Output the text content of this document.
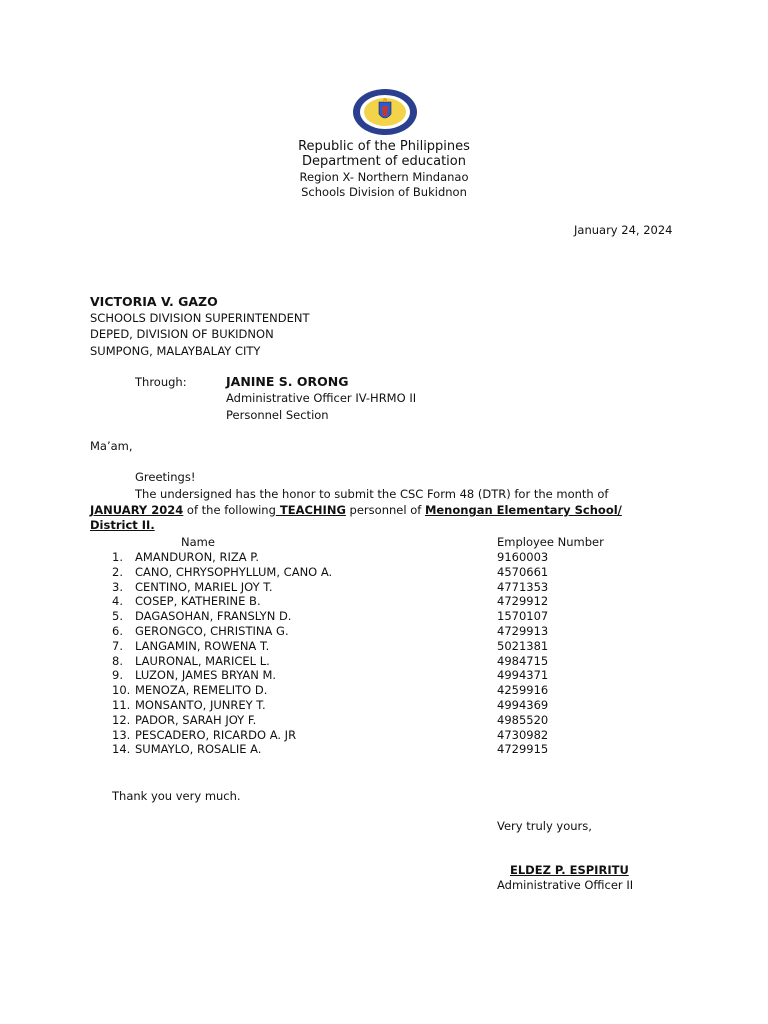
Republic of the Philippines
Department of education
Region X- Northern Mindanao
Schools Division of Bukidnon
January 24, 2024
VICTORIA V. GAZO
SCHOOLS DIVISION SUPERINTENDENT
DEPED, DIVISION OF BUKIDNON
SUMPONG, MALAYBALAY CITY
Through:	JANINE S. ORONG
Administrative Officer IV-HRMO II
Personnel Section
Ma’am,
Greetings!
The undersigned has the honor to submit the CSC Form 48 (DTR) for the month of
JANUARY 2024 of the following TEACHING personnel of Menongan Elementary School/
District II.
Name	Employee Number
1. AMANDURON, RIZA P.	9160003
2. CANO, CHRYSOPHYLLUM, CANO A.	4570661
3. CENTINO, MARIEL JOY T.	4771353
4. COSEP, KATHERINE B.	4729912
5. DAGASOHAN, FRANSLYN D.	1570107
6. GERONGCO, CHRISTINA G.	4729913
7. LANGAMIN, ROWENA T.	5021381
8. LAURONAL, MARICEL L.	4984715
9. LUZON, JAMES BRYAN M.	4994371
10. MENOZA, REMELITO D.	4259916
11. MONSANTO, JUNREY T.	4994369
12. PADOR, SARAH JOY F.	4985520
13. PESCADERO, RICARDO A. JR	4730982
14. SUMAYLO, ROSALIE A.	4729915
Thank you very much.
Very truly yours,
ELDEZ P. ESPIRITU
Administrative Officer II
